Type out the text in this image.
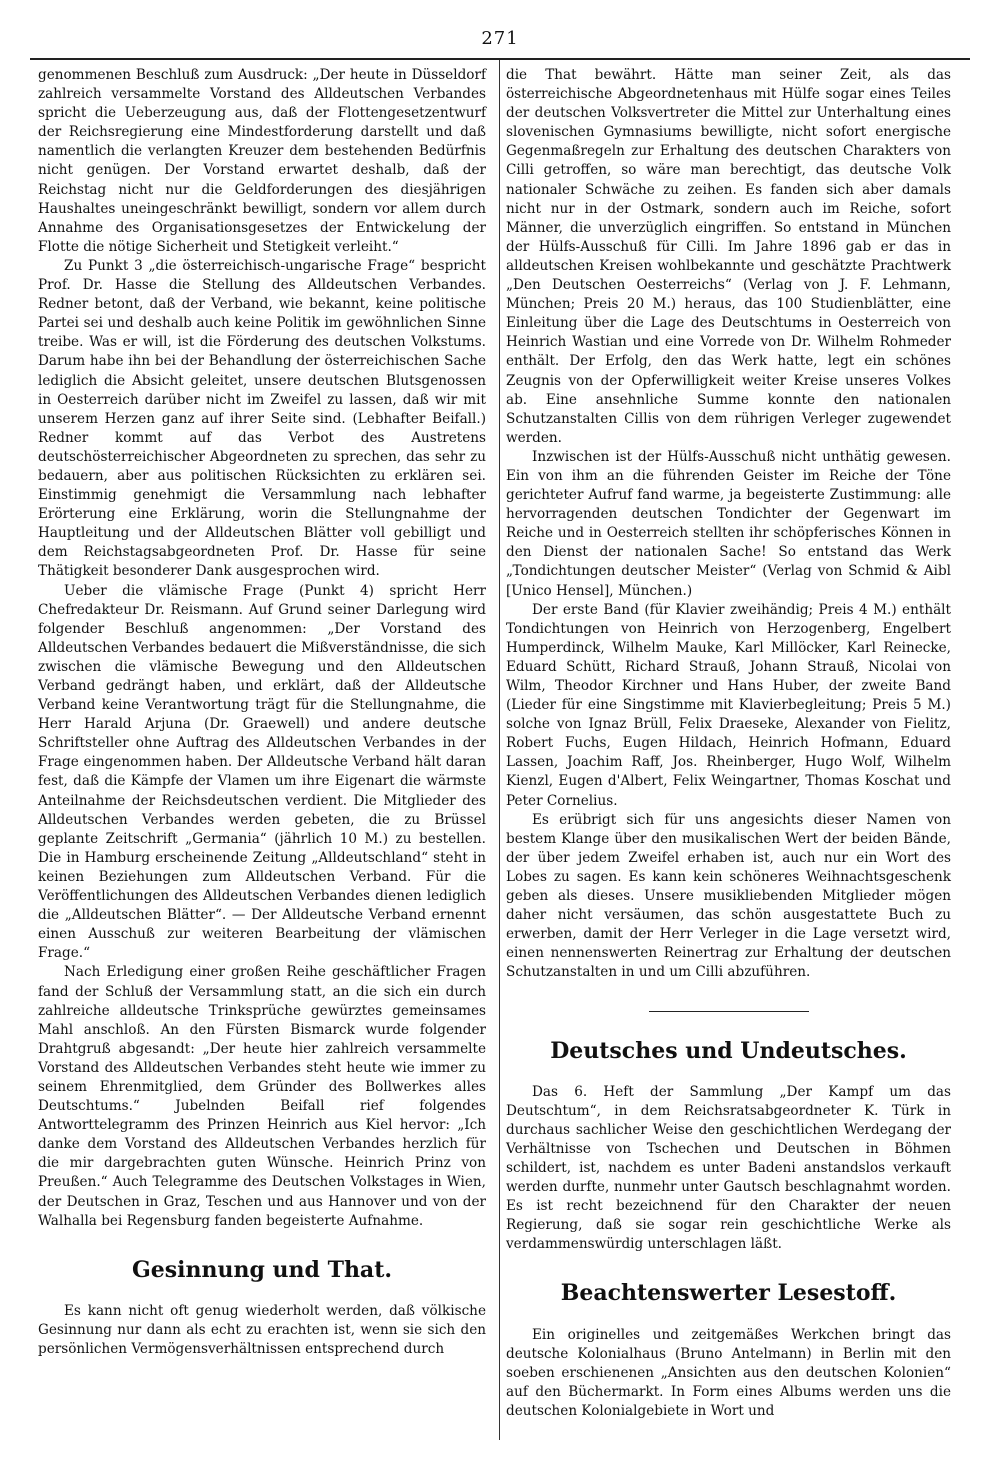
271

genommenen Beschluß zum Ausdruck: „Der heute in Düsseldorf zahlreich versammelte Vorstand des Alldeutschen Verbandes spricht die Ueberzeugung aus, daß der Flottengesetzentwurf der Reichsregierung eine Mindestforderung darstellt und daß namentlich die verlangten Kreuzer dem bestehenden Bedürfnis nicht genügen. Der Vorstand erwartet deshalb, daß der Reichstag nicht nur die Geldforderungen des diesjährigen Haushaltes uneingeschränkt bewilligt, sondern vor allem durch Annahme des Organisationsgesetzes der Entwickelung der Flotte die nötige Sicherheit und Stetigkeit verleiht.“

Zu Punkt 3 „die österreichisch-ungarische Frage“ bespricht Prof. Dr. Hasse die Stellung des Alldeutschen Verbandes. Redner betont, daß der Verband, wie bekannt, keine politische Partei sei und deshalb auch keine Politik im gewöhnlichen Sinne treibe. Was er will, ist die Förderung des deutschen Volkstums. Darum habe ihn bei der Behandlung der österreichischen Sache lediglich die Absicht geleitet, unsere deutschen Blutsgenossen in Oesterreich darüber nicht im Zweifel zu lassen, daß wir mit unserem Herzen ganz auf ihrer Seite sind. (Lebhafter Beifall.) Redner kommt auf das Verbot des Austretens deutschösterreichischer Abgeordneten zu sprechen, das sehr zu bedauern, aber aus politischen Rücksichten zu erklären sei. Einstimmig genehmigt die Versammlung nach lebhafter Erörterung eine Erklärung, worin die Stellungnahme der Hauptleitung und der Alldeutschen Blätter voll gebilligt und dem Reichstagsabgeordneten Prof. Dr. Hasse für seine Thätigkeit besonderer Dank ausgesprochen wird.

Ueber die vlämische Frage (Punkt 4) spricht Herr Chefredakteur Dr. Reismann. Auf Grund seiner Darlegung wird folgender Beschluß angenommen: „Der Vorstand des Alldeutschen Verbandes bedauert die Mißverständnisse, die sich zwischen die vlämische Bewegung und den Alldeutschen Verband gedrängt haben, und erklärt, daß der Alldeutsche Verband keine Verantwortung trägt für die Stellungnahme, die Herr Harald Arjuna (Dr. Graewell) und andere deutsche Schriftsteller ohne Auftrag des Alldeutschen Verbandes in der Frage eingenommen haben. Der Alldeutsche Verband hält daran fest, daß die Kämpfe der Vlamen um ihre Eigenart die wärmste Anteilnahme der Reichsdeutschen verdient. Die Mitglieder des Alldeutschen Verbandes werden gebeten, die zu Brüssel geplante Zeitschrift „Germania“ (jährlich 10 M.) zu bestellen. Die in Hamburg erscheinende Zeitung „Alldeutschland“ steht in keinen Beziehungen zum Alldeutschen Verband. Für die Veröffentlichungen des Alldeutschen Verbandes dienen lediglich die „Alldeutschen Blätter“. — Der Alldeutsche Verband ernennt einen Ausschuß zur weiteren Bearbeitung der vlämischen Frage.“

Nach Erledigung einer großen Reihe geschäftlicher Fragen fand der Schluß der Versammlung statt, an die sich ein durch zahlreiche alldeutsche Trinksprüche gewürztes gemeinsames Mahl anschloß. An den Fürsten Bismarck wurde folgender Drahtgruß abgesandt: „Der heute hier zahlreich versammelte Vorstand des Alldeutschen Verbandes steht heute wie immer zu seinem Ehrenmitglied, dem Gründer des Bollwerkes alles Deutschtums.“ Jubelnden Beifall rief folgendes Antworttelegramm des Prinzen Heinrich aus Kiel hervor: „Ich danke dem Vorstand des Alldeutschen Verbandes herzlich für die mir dargebrachten guten Wünsche. Heinrich Prinz von Preußen.“ Auch Telegramme des Deutschen Volkstages in Wien, der Deutschen in Graz, Teschen und aus Hannover und von der Walhalla bei Regensburg fanden begeisterte Aufnahme.

Gesinnung und That.

Es kann nicht oft genug wiederholt werden, daß völkische Gesinnung nur dann als echt zu erachten ist, wenn sie sich den persönlichen Vermögensverhältnissen entsprechend durch

die That bewährt. Hätte man seiner Zeit, als das österreichische Abgeordnetenhaus mit Hülfe sogar eines Teiles der deutschen Volksvertreter die Mittel zur Unterhaltung eines slovenischen Gymnasiums bewilligte, nicht sofort energische Gegenmaßregeln zur Erhaltung des deutschen Charakters von Cilli getroffen, so wäre man berechtigt, das deutsche Volk nationaler Schwäche zu zeihen. Es fanden sich aber damals nicht nur in der Ostmark, sondern auch im Reiche, sofort Männer, die unverzüglich eingriffen. So entstand in München der Hülfs-Ausschuß für Cilli. Im Jahre 1896 gab er das in alldeutschen Kreisen wohlbekannte und geschätzte Prachtwerk „Den Deutschen Oesterreichs“ (Verlag von J. F. Lehmann, München; Preis 20 M.) heraus, das 100 Studienblätter, eine Einleitung über die Lage des Deutschtums in Oesterreich von Heinrich Wastian und eine Vorrede von Dr. Wilhelm Rohmeder enthält. Der Erfolg, den das Werk hatte, legt ein schönes Zeugnis von der Opferwilligkeit weiter Kreise unseres Volkes ab. Eine ansehnliche Summe konnte den nationalen Schutzanstalten Cillis von dem rührigen Verleger zugewendet werden.

Inzwischen ist der Hülfs-Ausschuß nicht unthätig gewesen. Ein von ihm an die führenden Geister im Reiche der Töne gerichteter Aufruf fand warme, ja begeisterte Zustimmung: alle hervorragenden deutschen Tondichter der Gegenwart im Reiche und in Oesterreich stellten ihr schöpferisches Können in den Dienst der nationalen Sache! So entstand das Werk „Tondichtungen deutscher Meister“ (Verlag von Schmid & Aibl [Unico Hensel], München.)

Der erste Band (für Klavier zweihändig; Preis 4 M.) enthält Tondichtungen von Heinrich von Herzogenberg, Engelbert Humperdinck, Wilhelm Mauke, Karl Millöcker, Karl Reinecke, Eduard Schütt, Richard Strauß, Johann Strauß, Nicolai von Wilm, Theodor Kirchner und Hans Huber, der zweite Band (Lieder für eine Singstimme mit Klavierbegleitung; Preis 5 M.) solche von Ignaz Brüll, Felix Draeseke, Alexander von Fielitz, Robert Fuchs, Eugen Hildach, Heinrich Hofmann, Eduard Lassen, Joachim Raff, Jos. Rheinberger, Hugo Wolf, Wilhelm Kienzl, Eugen d'Albert, Felix Weingartner, Thomas Koschat und Peter Cornelius.

Es erübrigt sich für uns angesichts dieser Namen von bestem Klange über den musikalischen Wert der beiden Bände, der über jedem Zweifel erhaben ist, auch nur ein Wort des Lobes zu sagen. Es kann kein schöneres Weihnachtsgeschenk geben als dieses. Unsere musikliebenden Mitglieder mögen daher nicht versäumen, das schön ausgestattete Buch zu erwerben, damit der Herr Verleger in die Lage versetzt wird, einen nennenswerten Reinertrag zur Erhaltung der deutschen Schutzanstalten in und um Cilli abzuführen.

Deutsches und Undeutsches.

Das 6. Heft der Sammlung „Der Kampf um das Deutschtum“, in dem Reichsratsabgeordneter K. Türk in durchaus sachlicher Weise den geschichtlichen Werdegang der Verhältnisse von Tschechen und Deutschen in Böhmen schildert, ist, nachdem es unter Badeni anstandslos verkauft werden durfte, nunmehr unter Gautsch beschlagnahmt worden. Es ist recht bezeichnend für den Charakter der neuen Regierung, daß sie sogar rein geschichtliche Werke als verdammenswürdig unterschlagen läßt.

Beachtenswerter Lesestoff.

Ein originelles und zeitgemäßes Werkchen bringt das deutsche Kolonialhaus (Bruno Antelmann) in Berlin mit den soeben erschienenen „Ansichten aus den deutschen Kolonien“ auf den Büchermarkt. In Form eines Albums werden uns die deutschen Kolonialgebiete in Wort und
